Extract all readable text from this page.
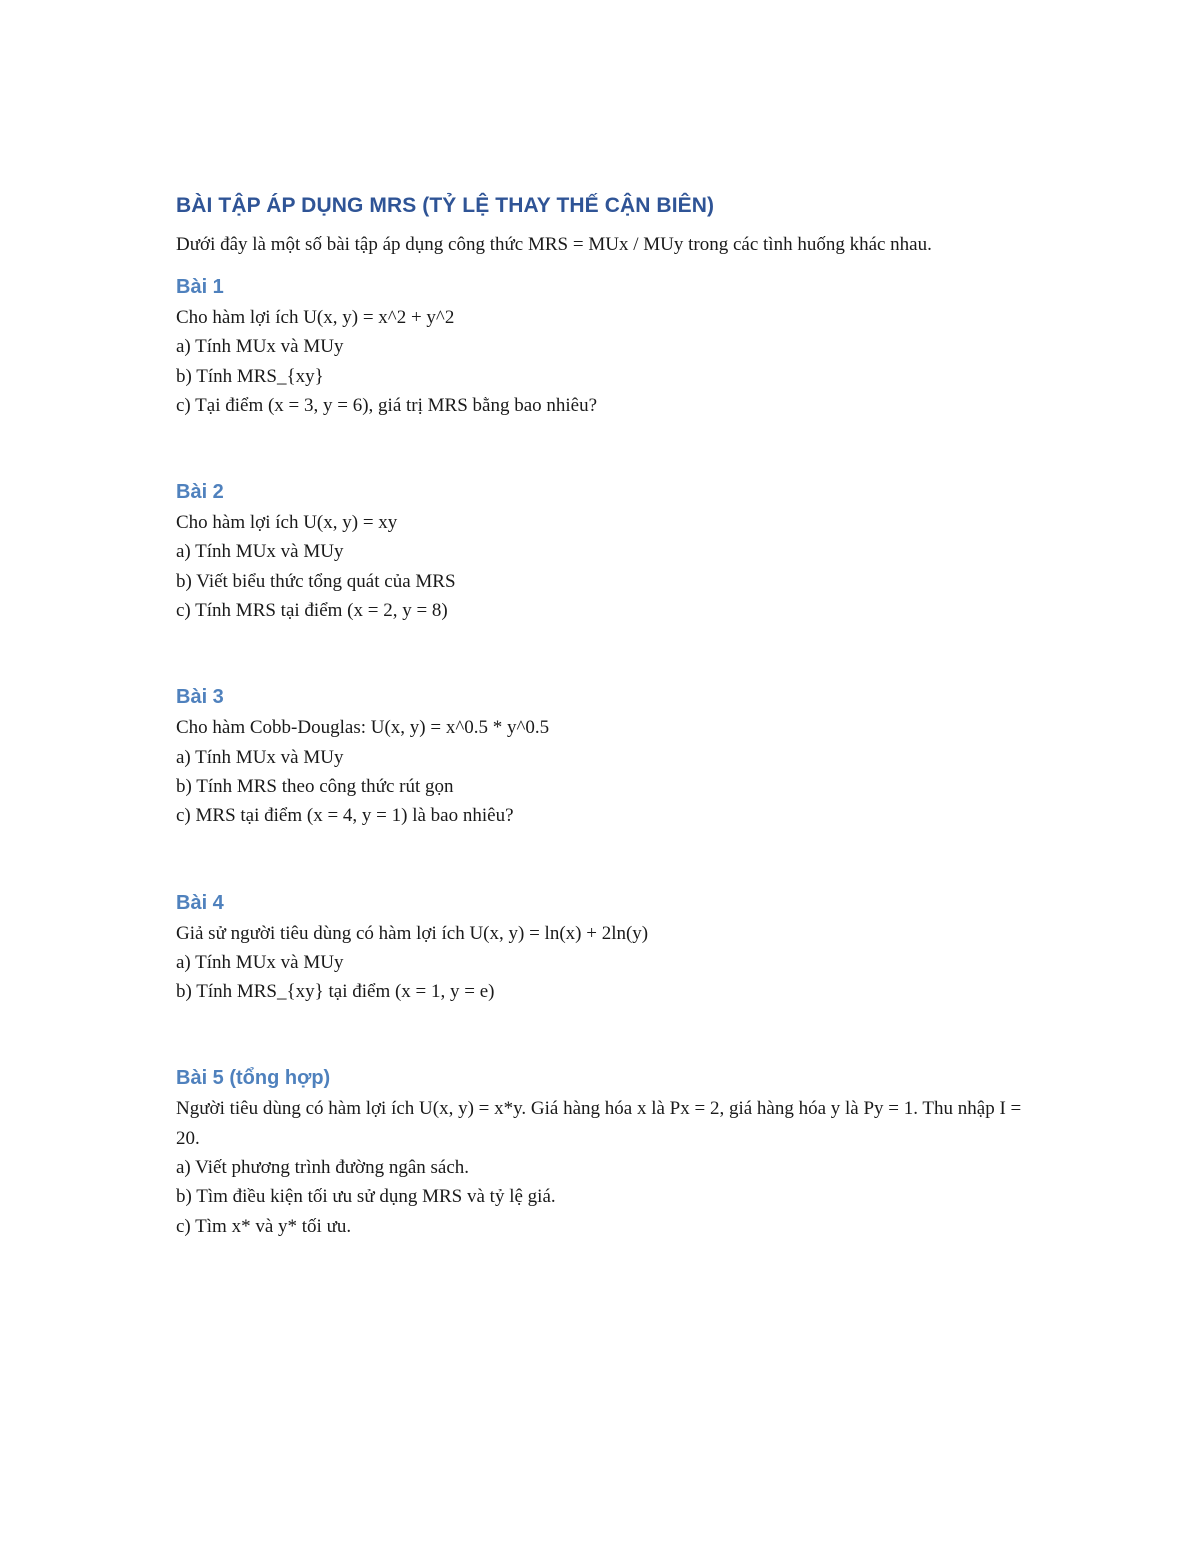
BÀI TẬP ÁP DỤNG MRS (TỶ LỆ THAY THẾ CẬN BIÊN)

Dưới đây là một số bài tập áp dụng công thức MRS = MUx / MUy trong các tình huống khác nhau.

Bài 1

Cho hàm lợi ích U(x, y) = x^2 + y^2

a) Tính MUx và MUy

b) Tính MRS_{xy}

c) Tại điểm (x = 3, y = 6), giá trị MRS bằng bao nhiêu?

Bài 2

Cho hàm lợi ích U(x, y) = xy

a) Tính MUx và MUy

b) Viết biểu thức tổng quát của MRS

c) Tính MRS tại điểm (x = 2, y = 8)

Bài 3

Cho hàm Cobb-Douglas: U(x, y) = x^0.5 * y^0.5

a) Tính MUx và MUy

b) Tính MRS theo công thức rút gọn

c) MRS tại điểm (x = 4, y = 1) là bao nhiêu?

Bài 4

Giả sử người tiêu dùng có hàm lợi ích U(x, y) = ln(x) + 2ln(y)

a) Tính MUx và MUy

b) Tính MRS_{xy} tại điểm (x = 1, y = e)

Bài 5 (tổng hợp)

Người tiêu dùng có hàm lợi ích U(x, y) = x*y. Giá hàng hóa x là Px = 2, giá hàng hóa y là Py = 1. Thu nhập I = 20.

a) Viết phương trình đường ngân sách.

b) Tìm điều kiện tối ưu sử dụng MRS và tỷ lệ giá.

c) Tìm x* và y* tối ưu.
